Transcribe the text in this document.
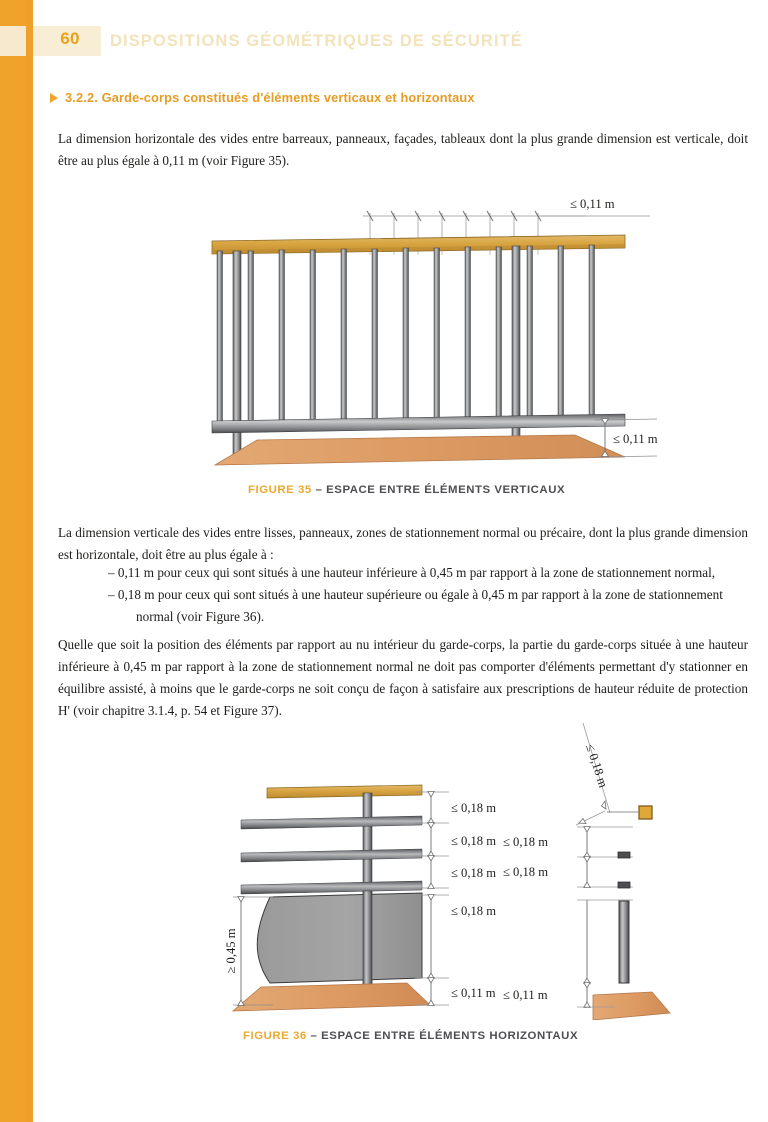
60	DISPOSITIONS GÉOMÉTRIQUES DE SÉCURITÉ
3.2.2. Garde-corps constitués d'éléments verticaux et horizontaux
La dimension horizontale des vides entre barreaux, panneaux, façades, tableaux dont la plus grande dimension est verticale, doit être au plus égale à 0,11 m (voir Figure 35).
≤ 0,11 m
≤ 0,11 m
FIGURE 35 – ESPACE ENTRE ÉLÉMENTS VERTICAUX
La dimension verticale des vides entre lisses, panneaux, zones de stationnement normal ou précaire, dont la plus grande dimension est horizontale, doit être au plus égale à :
– 0,11 m pour ceux qui sont situés à une hauteur inférieure à 0,45 m par rapport à la zone de stationnement normal,
– 0,18 m pour ceux qui sont situés à une hauteur supérieure ou égale à 0,45 m par rapport à la zone de stationnement
normal (voir Figure 36).
Quelle que soit la position des éléments par rapport au nu intérieur du garde-corps, la partie du garde-corps située à une hauteur inférieure à 0,45 m par rapport à la zone de stationnement normal ne doit pas comporter d'éléments permettant d'y stationner en équilibre assisté, à moins que le garde-corps ne soit conçu de façon à satisfaire aux prescriptions de hauteur réduite de protection H' (voir chapitre 3.1.4, p. 54 et Figure 37).
≤ 0,18 m
≤ 0,18 m
≤ 0,18 m
≤ 0,18 m
≤ 0,11 m
≥ 0,45 m
≤ 0,18 m
≤ 0,18 m
≤ 0,18 m
≤ 0,11 m
FIGURE 36 – ESPACE ENTRE ÉLÉMENTS HORIZONTAUX
